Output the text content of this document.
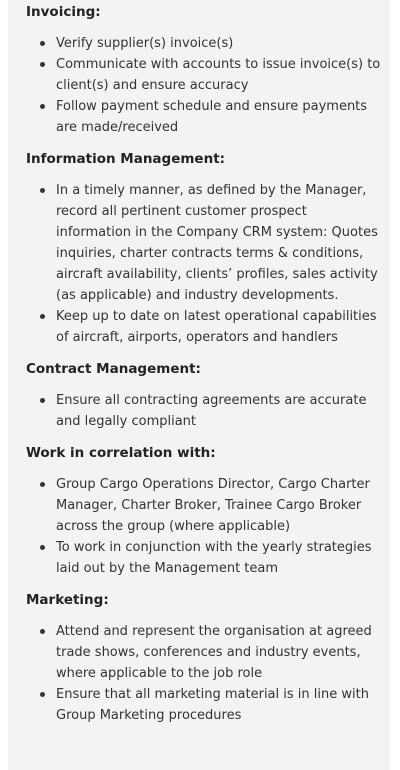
Invoicing:
Verify supplier(s) invoice(s)
Communicate with accounts to issue invoice(s) to client(s) and ensure accuracy
Follow payment schedule and ensure payments are made/received
Information Management:
In a timely manner, as defined by the Manager, record all pertinent customer prospect information in the Company CRM system: Quotes inquiries, charter contracts terms & conditions, aircraft availability, clients’ profiles, sales activity (as applicable) and industry developments.
Keep up to date on latest operational capabilities of aircraft, airports, operators and handlers
Contract Management:
Ensure all contracting agreements are accurate and legally compliant
Work in correlation with:
Group Cargo Operations Director, Cargo Charter Manager, Charter Broker, Trainee Cargo Broker across the group (where applicable)
To work in conjunction with the yearly strategies laid out by the Management team
Marketing:
Attend and represent the organisation at agreed trade shows, conferences and industry events, where applicable to the job role
Ensure that all marketing material is in line with Group Marketing procedures
